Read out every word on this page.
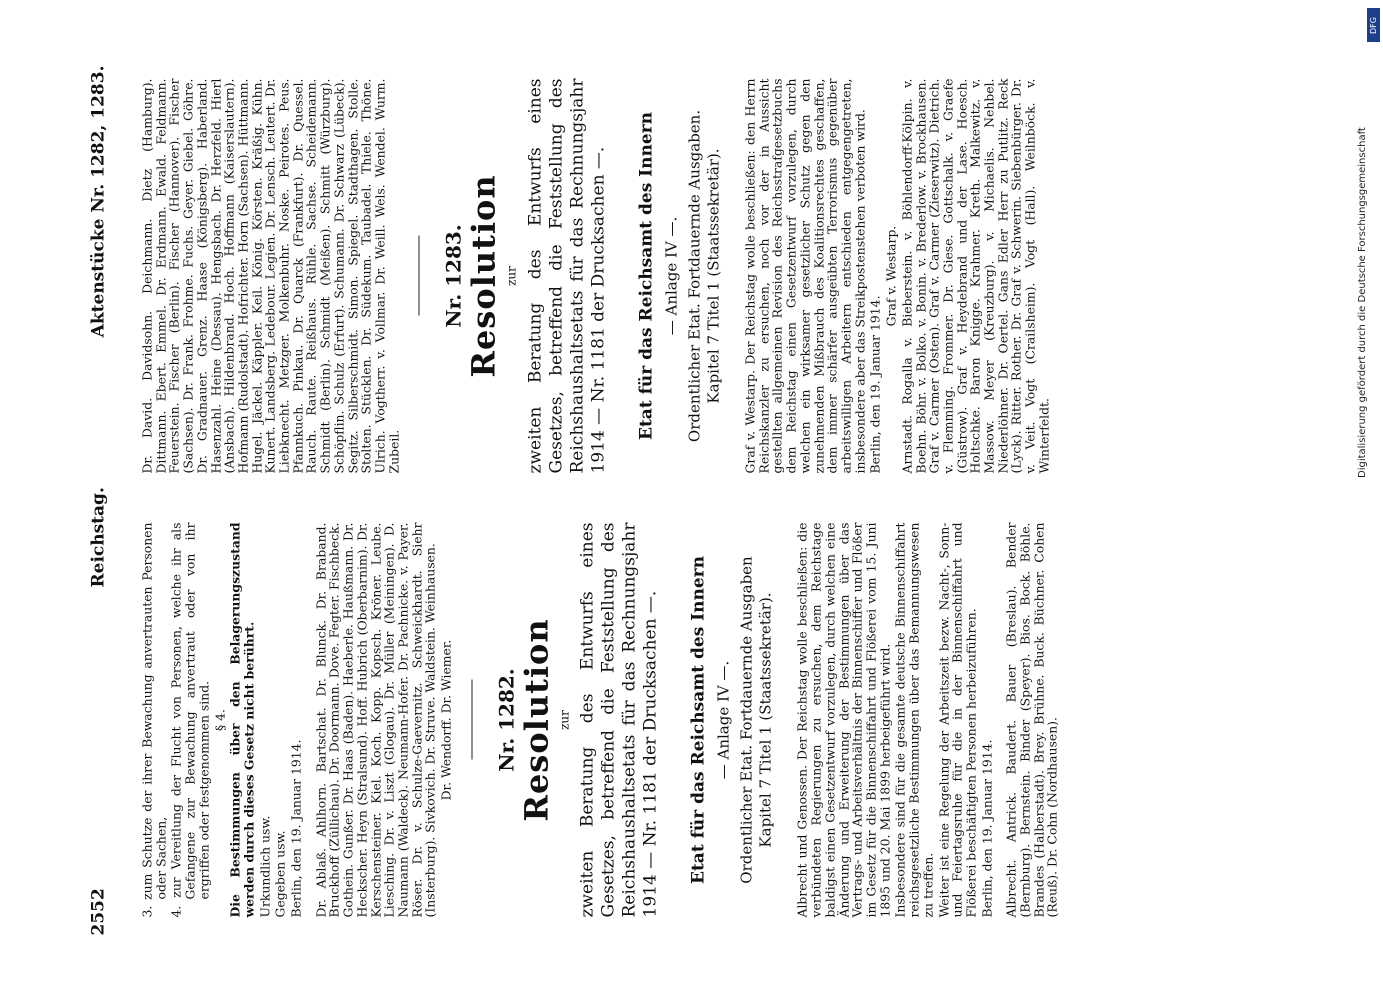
2552
Reichstag.
Aktenstücke Nr. 1282, 1283.

3. zum Schutze der ihrer Bewachung anvertrauten Personen oder Sachen, 4. zur Vereitlung der Flucht von Personen, welche ihr als Gefangene zur Bewachung anvertraut oder von ihr ergriffen oder festgenommen sind. § 4. Die Bestimmungen über den Belagerungszustand werden durch dieses Gesetz nicht berührt. Urkundlich usw. Gegeben usw. Berlin, den 19. Januar 1914. Dr. Ablaß. Ahlhorn. Bartschat. Dr. Blunck. Dr. Braband. Bruckhoff (Züllichau). Dr. Doormann. Dove. Fegter. Fischbeck. Gothein. Gunßer. Dr. Haas (Baden). Haeberle. Haußmann. Dr. Heckscher. Heyn (Stralsund). Hoff. Hubrich (Oberbarnim). Dr. Kerschensteiner. Kiel. Koch. Kopp. Kopsch. Kröner. Leube. Liesching. Dr. v. Liszt (Glogau). Dr. Müller (Meiningen). D. Naumann (Waldeck). Neumann-Hofer. Dr. Pachnicke. v. Payer. Röser. Dr. v. Schulze-Gaevernitz. Schweickhardt. Siehr (Insterburg). Sivkovich. Dr. Struve. Waldstein. Weinhausen. Dr. Wendorff. Dr. Wiemer. Nr. 1282. Resolution zur zweiten Beratung des Entwurfs eines Gesetzes, betreffend die Feststellung des Reichshaushaltsetats für das Rechnungsjahr 1914 — Nr. 1181 der Drucksachen —. Etat für das Reichsamt des Innern — Anlage IV —. Ordentlicher Etat. Fortdauernde Ausgaben Kapitel 7 Titel 1 (Staatssekretär). Albrecht und Genossen. Der Reichstag wolle beschließen: die verbündeten Regierungen zu ersuchen, dem Reichstage baldigst einen Gesetzentwurf vorzulegen, durch welchen eine Änderung und Erweiterung der Bestimmungen über das Vertrags- und Arbeitsverhältnis der Binnenschiffer und Flößer im Gesetz für die Binnenschiffahrt und Flößerei vom 15. Juni 1895 und 20. Mai 1899 herbeigeführt wird. Insbesondere sind für die gesamte deutsche Binnenschiffahrt reichsgesetzliche Bestimmungen über das Bemannungswesen zu treffen. Weiter ist eine Regelung der Arbeitszeit bezw. Nacht-, Sonn- und Feiertagsruhe für die in der Binnenschiffahrt und Flößerei beschäftigten Personen herbeizuführen. Berlin, den 19. Januar 1914. Albrecht. Antrick. Baudert. Bauer (Breslau). Bender (Bernburg). Bernstein. Binder (Speyer). Bios. Bock. Böhle. Brandes (Halberstadt). Brey. Brühne. Buck. Büchner. Cohen (Reuß). Dr. Cohn (Nordhausen).

Dr. David. Davidsohn. Deichmann. Dietz (Hamburg). Dittmann. Ebert. Emmel. Dr. Erdmann. Ewald. Feldmann. Feuerstein. Fischer (Berlin). Fischer (Hannover). Fischer (Sachsen). Dr. Frank. Frohme. Fuchs. Geyer. Giebel. Göhre. Dr. Gradnauer. Grenz. Haase (Königsberg). Haberland. Hasenzahl. Heine (Dessau). Hengsbach. Dr. Herzfeld. Hierl (Ansbach). Hildenbrand. Hoch. Hoffmann (Kaiserslautern). Hofmann (Rudolstadt). Hofrichter. Horn (Sachsen). Hüttmann. Hugel. Jäckel. Käppler. Keil. König. Körsten. Kräßig. Kühn. Kunert. Landsberg. Ledebour. Legien. Dr. Lensch. Leutert. Dr. Liebknecht. Metzger. Molkenbuhr. Noske. Peirotes. Peus. Pfannkuch. Pinkau. Dr. Quarck (Frankfurt). Dr. Quessel. Rauch. Raute. Reißhaus. Rühle. Sachse. Scheidemann. Schmidt (Berlin). Schmidt (Meißen). Schmitt (Würzburg). Schöpflin. Schulz (Erfurt). Schumann. Dr. Schwarz (Lübeck). Segitz. Silberschmidt. Simon. Spiegel. Stadthagen. Stolle. Stolten. Stücklen. Dr. Südekum. Taubadel. Thiele. Thöne. Ulrich. Vogtherr. v. Vollmar. Dr. Weill. Wels. Wendel. Wurm. Zubeil.

Nr. 1283. Resolution zur zweiten Beratung des Entwurfs eines Gesetzes, betreffend die Feststellung des Reichshaushaltsetats für das Rechnungsjahr 1914 — Nr. 1181 der Drucksachen —. Etat für das Reichsamt des Innern — Anlage IV —. Ordentlicher Etat. Fortdauernde Ausgaben. Kapitel 7 Titel 1 (Staatssekretär). Graf v. Westarp. Der Reichstag wolle beschließen: den Herrn Reichskanzler zu ersuchen, noch vor der in Aussicht gestellten allgemeinen Revision des Reichsstrafgesetzbuchs dem Reichstag einen Gesetzentwurf vorzulegen, durch welchen ein wirksamer gesetzlicher Schutz gegen den zunehmenden Mißbrauch des Koalitionsrechtes geschaffen, dem immer schärfer ausgeübten Terrorismus gegenüber arbeitswilligen Arbeitern entschieden entgegengetreten, insbesondere aber das Streikpostenstehen verboten wird. Berlin, den 19. Januar 1914.

Graf v. Westarp. Arnstadt. Rogalla v. Bieberstein. v. Böhlendorff-Kölpin. v. Boehn. Böhr. v. Bolko. v. Bonin. v. Brederlow. v. Brockhausen. Graf v. Carmer (Osten). Graf v. Carmer (Zieserwitz). Dietrich. v. Flemming. Frommer. Dr. Giese. Gottschalk. v. Graefe (Güstrow). Graf v. Heydebrand und der Lase. Hoesch. Holtschke. Baron Knigge. Krahmer. Kreth. Malkewitz. v. Massow. Meyer (Kreuzburg). v. Michaelis. Nehbel. Niederlöhner. Dr. Oertel. Gans Edler Herr zu Putlitz. Reck (Lyck). Ritter. Rother. Dr. Graf v. Schwerin. Siebenbürger. Dr. v. Veit. Vogt (Crailsheim). Vogt (Hall). Weilnböck. v. Winterfeldt.	Digitalisierung gefördert durch die Deutsche Forschungsgemeinschaft
DFG
